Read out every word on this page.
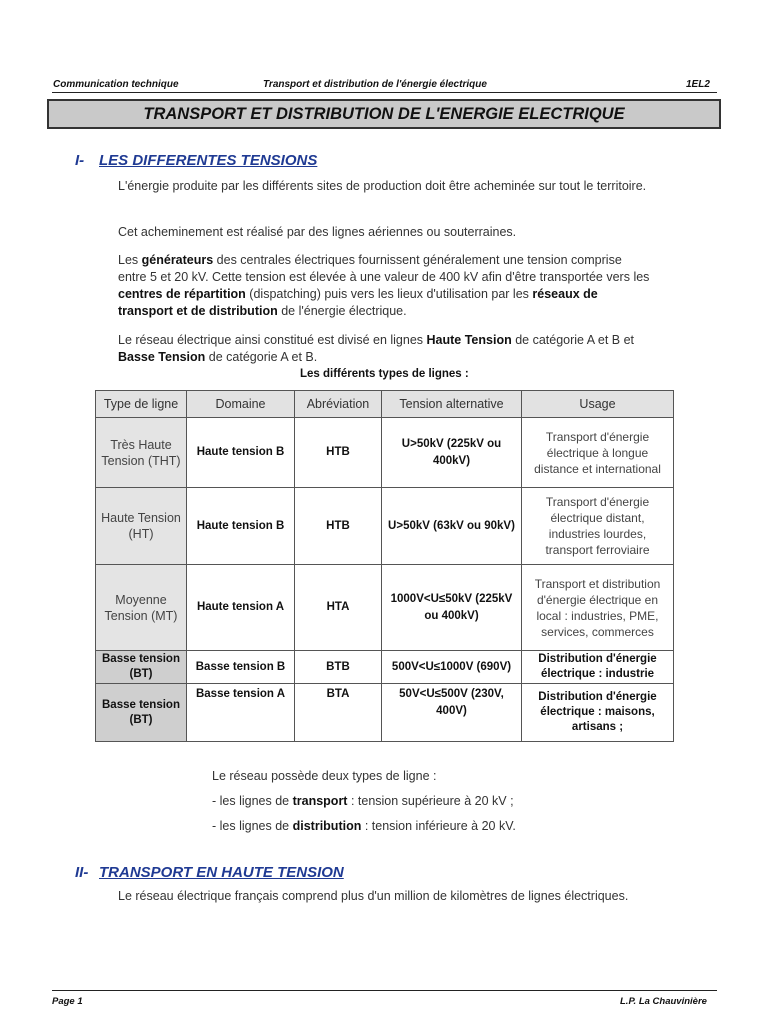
Communication technique	Transport et distribution de l'énergie électrique	1EL2
TRANSPORT ET DISTRIBUTION DE L'ENERGIE ELECTRIQUE
I- LES DIFFERENTES TENSIONS
L'énergie produite par les différents sites de production doit être acheminée sur tout le territoire.
Cet acheminement est réalisé par des lignes aériennes ou souterraines.
Les générateurs des centrales électriques fournissent généralement une tension comprise entre 5 et 20 kV. Cette tension est élevée à une valeur de 400 kV afin d'être transportée vers les centres de répartition (dispatching) puis vers les lieux d'utilisation par les réseaux de transport et de distribution de l'énergie électrique.
Le réseau électrique ainsi constitué est divisé en lignes Haute Tension de catégorie A et B et Basse Tension de catégorie A et B.
Les différents types de lignes :
Type de ligne	Domaine	Abréviation	Tension alternative	Usage
Très Haute Tension (THT)	Haute tension B	HTB	U>50kV (225kV ou 400kV)	Transport d'énergie électrique à longue distance et international
Haute Tension (HT)	Haute tension B	HTB	U>50kV (63kV ou 90kV)	Transport d'énergie électrique distant, industries lourdes, transport ferroviaire
Moyenne Tension (MT)	Haute tension A	HTA	1000V<U≤50kV (225kV ou 400kV)	Transport et distribution d'énergie électrique en local : industries, PME, services, commerces
Basse tension (BT)	Basse tension B	BTB	500V<U≤1000V (690V)	Distribution d'énergie électrique : industrie
Basse tension (BT)	Basse tension A	BTA	50V<U≤500V (230V, 400V)	Distribution d'énergie électrique : maisons, artisans ;
Le réseau possède deux types de ligne :
- les lignes de transport : tension supérieure à 20 kV ;
- les lignes de distribution : tension inférieure à 20 kV.
II- TRANSPORT EN HAUTE TENSION
Le réseau électrique français comprend plus d'un million de kilomètres de lignes électriques.
Page 1	L.P. La Chauvinière
